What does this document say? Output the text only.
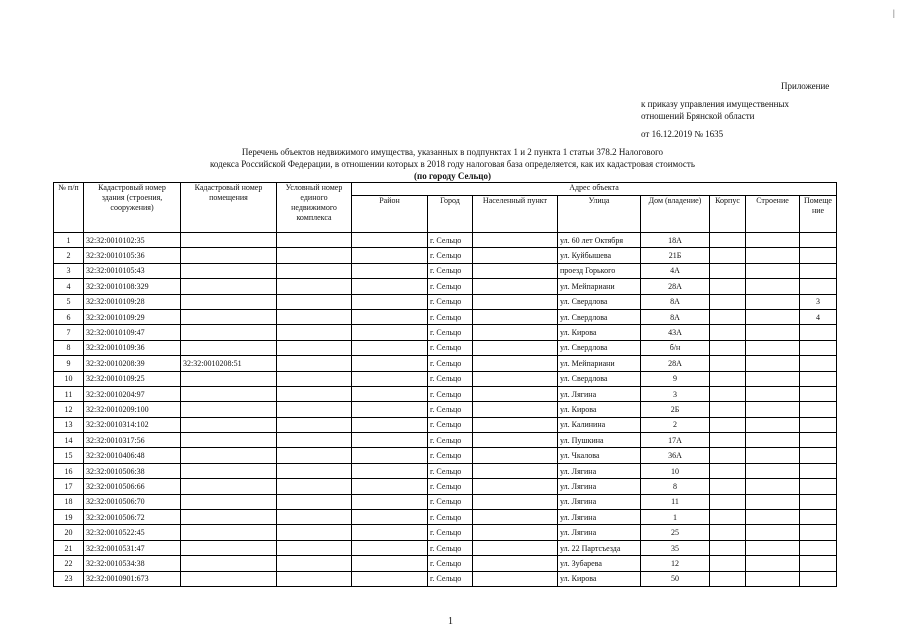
Приложение
к приказу управления имущественных
отношений Брянской области
от 16.12.2019 № 1635
Перечень объектов недвижимого имущества, указанных в подпунктах 1 и 2 пункта 1 статьи 378.2 Налогового
кодекса Российской Федерации, в отношении которых в 2018 году налоговая база определяется, как их кадастровая стоимость
(по городу Сельцо)
№ п/п	Кадастровый номер здания (строения, сооружения)	Кадастровый номер помещения	Условный номер единого недвижимого комплекса	Адрес объекта							
				Район	Город	Населенный пункт	Улица	Дом (владение)	Корпус	Строение	Помеще ние
1	32:32:0010102:35				г. Сельцо		ул. 60 лет Октября	18А			
2	32:32:0010105:36				г. Сельцо		ул. Куйбышева	21Б			
3	32:32:0010105:43				г. Сельцо		проезд Горького	4А			
4	32:32:0010108:329				г. Сельцо		ул. Мейпариани	28А			
5	32:32:0010109:28				г. Сельцо		ул. Свердлова	8А			3
6	32:32:0010109:29				г. Сельцо		ул. Свердлова	8А			4
7	32:32:0010109:47				г. Сельцо		ул. Кирова	43А			
8	32:32:0010109:36				г. Сельцо		ул. Свердлова	б/н			
9	32:32:0010208:39	32:32:0010208:51			г. Сельцо		ул. Мейпариани	28А			
10	32:32:0010109:25				г. Сельцо		ул. Свердлова	9			
11	32:32:0010204:97				г. Сельцо		ул. Лягина	3			
12	32:32:0010209:100				г. Сельцо		ул. Кирова	2Б			
13	32:32:0010314:102				г. Сельцо		ул. Калинина	2			
14	32:32:0010317:56				г. Сельцо		ул. Пушкина	17А			
15	32:32:0010406:48				г. Сельцо		ул. Чкалова	36А			
16	32:32:0010506:38				г. Сельцо		ул. Лягина	10			
17	32:32:0010506:66				г. Сельцо		ул. Лягина	8			
18	32:32:0010506:70				г. Сельцо		ул. Лягина	11			
19	32:32:0010506:72				г. Сельцо		ул. Лягина	1			
20	32:32:0010522:45				г. Сельцо		ул. Лягина	25			
21	32:32:0010531:47				г. Сельцо		ул. 22 Партсъезда	35			
22	32:32:0010534:38				г. Сельцо		ул. Зубарева	12			
23	32:32:0010901:673				г. Сельцо		ул. Кирова	50			
1
|
